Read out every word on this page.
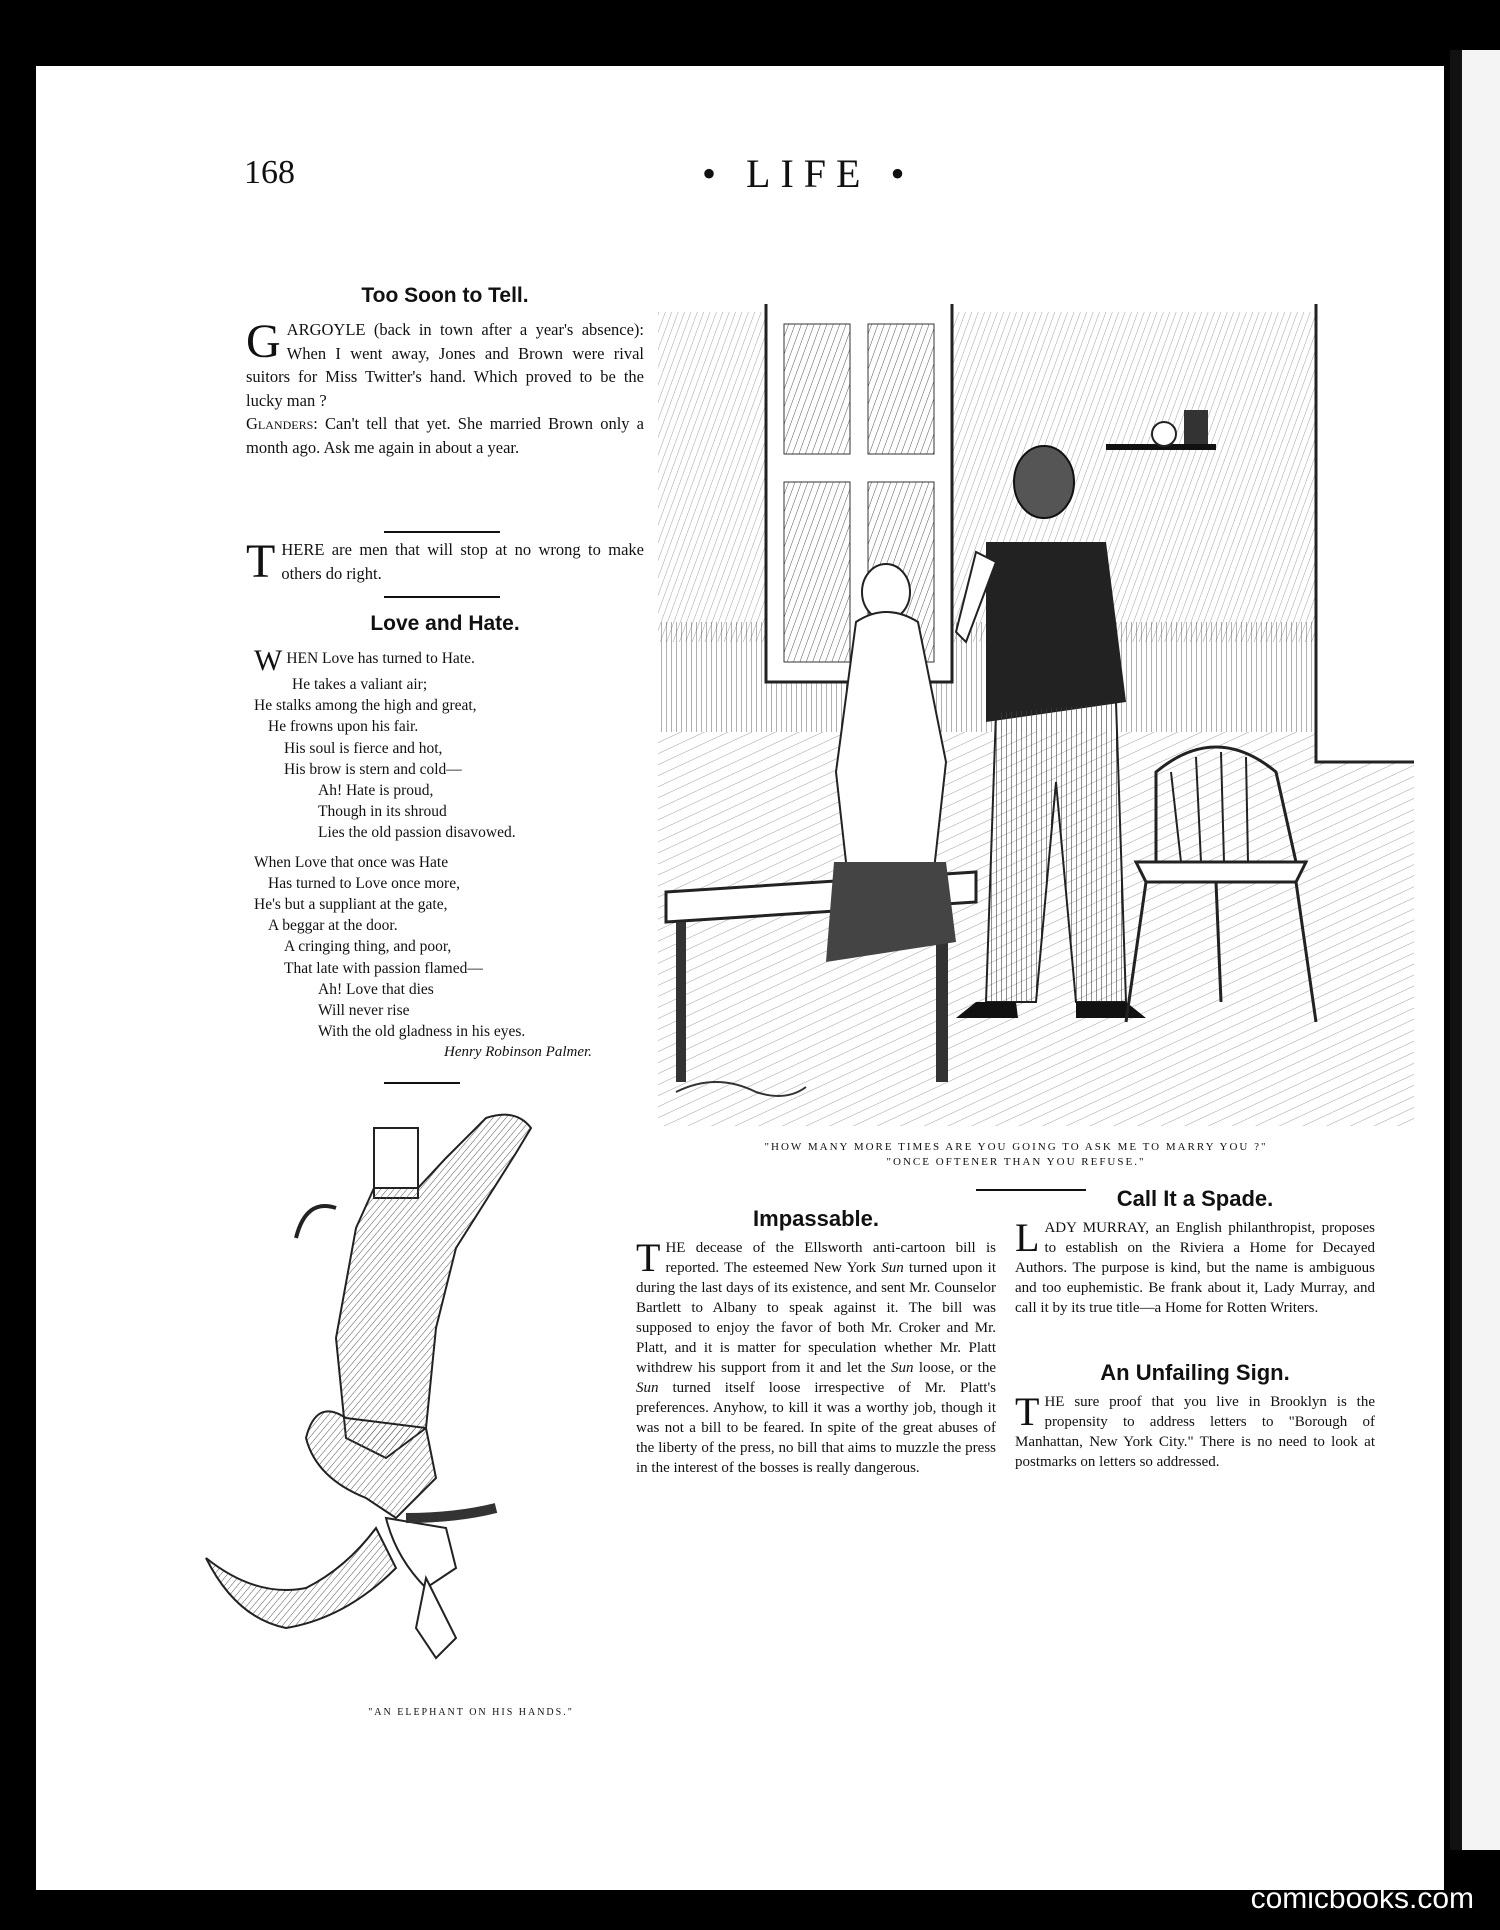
168	• LIFE •
Too Soon to Tell.

GARGOYLE (back in town after a year's absence): When I went away, Jones and Brown were rival suitors for Miss Twitter's hand. Which proved to be the lucky man ?

Glanders: Can't tell that yet. She married Brown only a month ago. Ask me again in about a year.

THERE are men that will stop at no wrong to make others do right.

Love and Hate.
WHEN Love has turned to Hate.
He takes a valiant air;
He stalks among the high and great,
He frowns upon his fair.
His soul is fierce and hot,
His brow is stern and cold—
Ah! Hate is proud,
Though in its shroud
Lies the old passion disavowed.
When Love that once was Hate
Has turned to Love once more,
He's but a suppliant at the gate,
A beggar at the door.
A cringing thing, and poor,
That late with passion flamed—
Ah! Love that dies
Will never rise
With the old gladness in his eyes.
Henry Robinson Palmer.
"HOW MANY MORE TIMES ARE YOU GOING TO ASK ME TO MARRY YOU ?"
"ONCE OFTENER THAN YOU REFUSE."
"AN ELEPHANT ON HIS HANDS."
Impassable.

THE decease of the Ellsworth anti-cartoon bill is reported. The esteemed New York Sun turned upon it during the last days of its existence, and sent Mr. Counselor Bartlett to Albany to speak against it. The bill was supposed to enjoy the favor of both Mr. Croker and Mr. Platt, and it is matter for speculation whether Mr. Platt withdrew his support from it and let the Sun loose, or the Sun turned itself loose irrespective of Mr. Platt's preferences. Anyhow, to kill it was a worthy job, though it was not a bill to be feared. In spite of the great abuses of the liberty of the press, no bill that aims to muzzle the press in the interest of the bosses is really dangerous.

Call It a Spade.

LADY MURRAY, an English philanthropist, proposes to establish on the Riviera a Home for Decayed Authors. The purpose is kind, but the name is ambiguous and too euphemistic. Be frank about it, Lady Murray, and call it by its true title—a Home for Rotten Writers.

An Unfailing Sign.

THE sure proof that you live in Brooklyn is the propensity to address letters to "Borough of Manhattan, New York City." There is no need to look at postmarks on letters so addressed.

comicbooks.com
